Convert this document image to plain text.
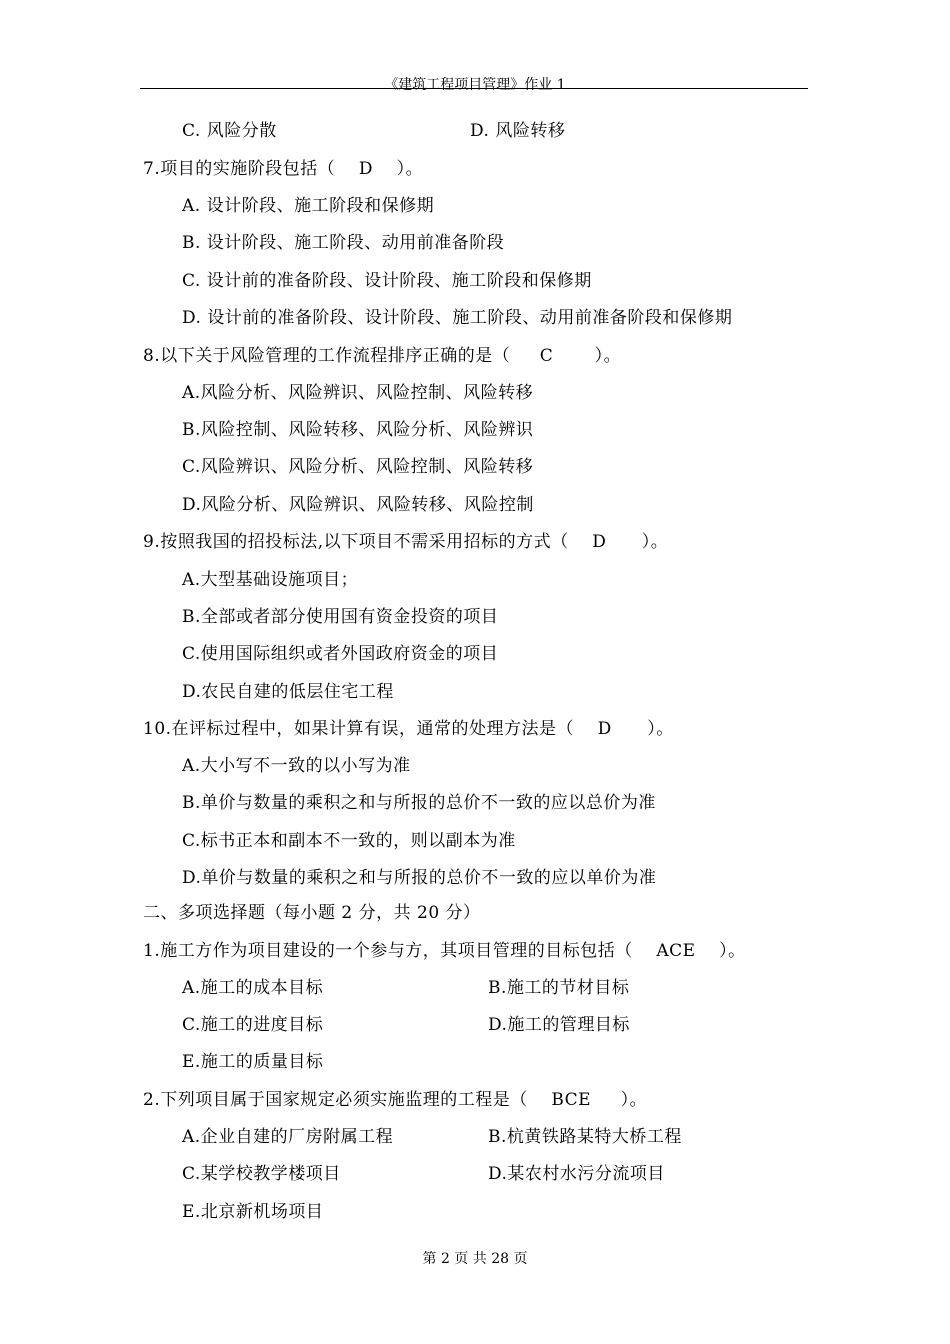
《建筑工程项目管理》作业 1
C. 风险分散	D. 风险转移
7.项目的实施阶段包括（    D    ）。
A. 设计阶段、施工阶段和保修期
B. 设计阶段、施工阶段、动用前准备阶段
C. 设计前的准备阶段、设计阶段、施工阶段和保修期
D. 设计前的准备阶段、设计阶段、施工阶段、动用前准备阶段和保修期
8.以下关于风险管理的工作流程排序正确的是（     C       ）。
A.风险分析、风险辨识、风险控制、风险转移
B.风险控制、风险转移、风险分析、风险辨识
C.风险辨识、风险分析、风险控制、风险转移
D.风险分析、风险辨识、风险转移、风险控制
9.按照我国的招投标法,以下项目不需采用招标的方式（    D      ）。
A.大型基础设施项目；
B.全部或者部分使用国有资金投资的项目
C.使用国际组织或者外国政府资金的项目
D.农民自建的低层住宅工程
10.在评标过程中，如果计算有误，通常的处理方法是（    D      ）。
A.大小写不一致的以小写为准
B.单价与数量的乘积之和与所报的总价不一致的应以总价为准
C.标书正本和副本不一致的，则以副本为准
D.单价与数量的乘积之和与所报的总价不一致的应以单价为准
二、多项选择题（每小题 2 分，共 20 分）
1.施工方作为项目建设的一个参与方，其项目管理的目标包括（    ACE    ）。
A.施工的成本目标	B.施工的节材目标
C.施工的进度目标	D.施工的管理目标
E.施工的质量目标
2.下列项目属于国家规定必须实施监理的工程是（    BCE     ）。
A.企业自建的厂房附属工程	B.杭黄铁路某特大桥工程
C.某学校教学楼项目	D.某农村水污分流项目
E.北京新机场项目
第 2 页 共 28 页
